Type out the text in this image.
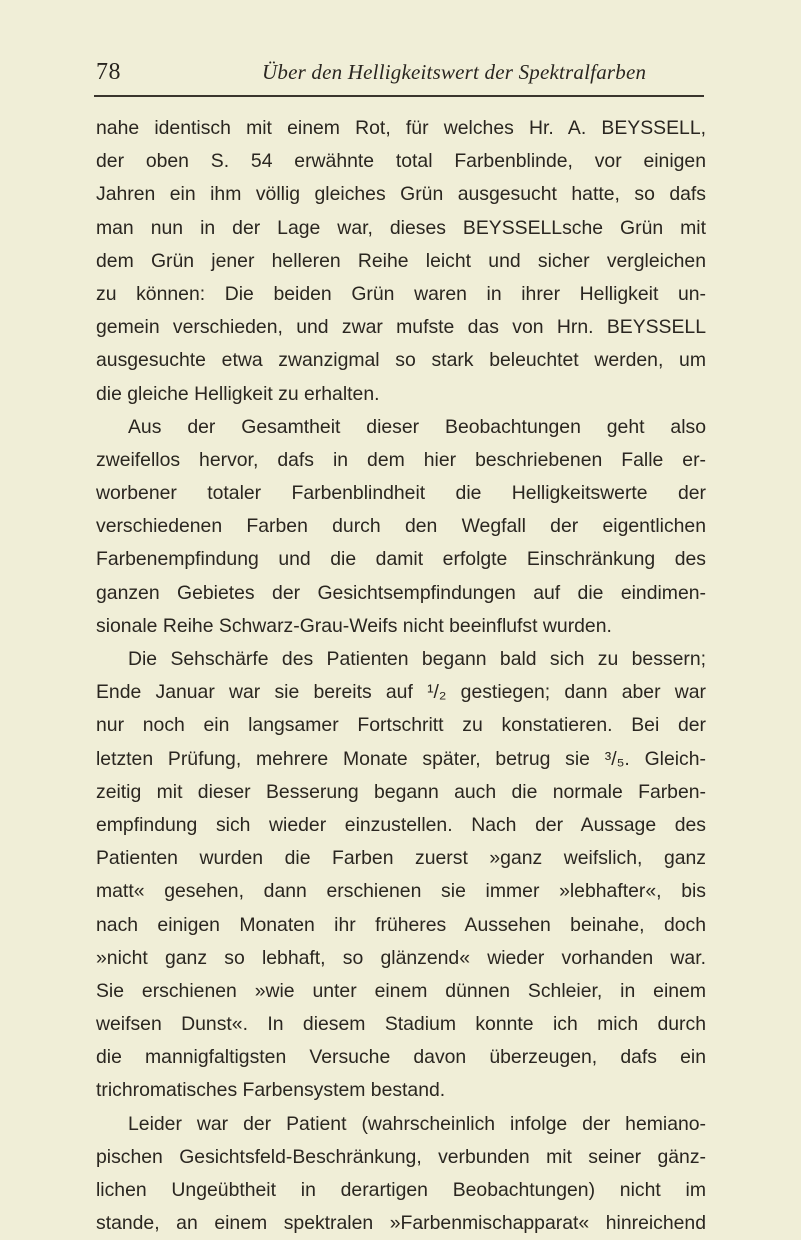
78	Über den Helligkeitswert der Spektralfarben
nahe identisch mit einem Rot, für welches Hr. A. BEYSSELL,
der oben S. 54 erwähnte total Farbenblinde, vor einigen
Jahren ein ihm völlig gleiches Grün ausgesucht hatte, so dafs
man nun in der Lage war, dieses BEYSSELLsche Grün mit
dem Grün jener helleren Reihe leicht und sicher vergleichen
zu können: Die beiden Grün waren in ihrer Helligkeit un-
gemein verschieden, und zwar mufste das von Hrn. BEYSSELL
ausgesuchte etwa zwanzigmal so stark beleuchtet werden, um
die gleiche Helligkeit zu erhalten.
Aus der Gesamtheit dieser Beobachtungen geht also
zweifellos hervor, dafs in dem hier beschriebenen Falle er-
worbener totaler Farbenblindheit die Helligkeitswerte der
verschiedenen Farben durch den Wegfall der eigentlichen
Farbenempfindung und die damit erfolgte Einschränkung des
ganzen Gebietes der Gesichtsempfindungen auf die eindimen-
sionale Reihe Schwarz-Grau-Weifs nicht beeinflufst wurden.
Die Sehschärfe des Patienten begann bald sich zu bessern;
Ende Januar war sie bereits auf ¹/₂ gestiegen; dann aber war
nur noch ein langsamer Fortschritt zu konstatieren. Bei der
letzten Prüfung, mehrere Monate später, betrug sie ³/₅. Gleich-
zeitig mit dieser Besserung begann auch die normale Farben-
empfindung sich wieder einzustellen. Nach der Aussage des
Patienten wurden die Farben zuerst »ganz weifslich, ganz
matt« gesehen, dann erschienen sie immer »lebhafter«, bis
nach einigen Monaten ihr früheres Aussehen beinahe, doch
»nicht ganz so lebhaft, so glänzend« wieder vorhanden war.
Sie erschienen »wie unter einem dünnen Schleier, in einem
weifsen Dunst«. In diesem Stadium konnte ich mich durch
die mannigfaltigsten Versuche davon überzeugen, dafs ein
trichromatisches Farbensystem bestand.
Leider war der Patient (wahrscheinlich infolge der hemiano-
pischen Gesichtsfeld-Beschränkung, verbunden mit seiner gänz-
lichen Ungeübtheit in derartigen Beobachtungen) nicht im
stande, an einem spektralen »Farbenmischapparat« hinreichend
